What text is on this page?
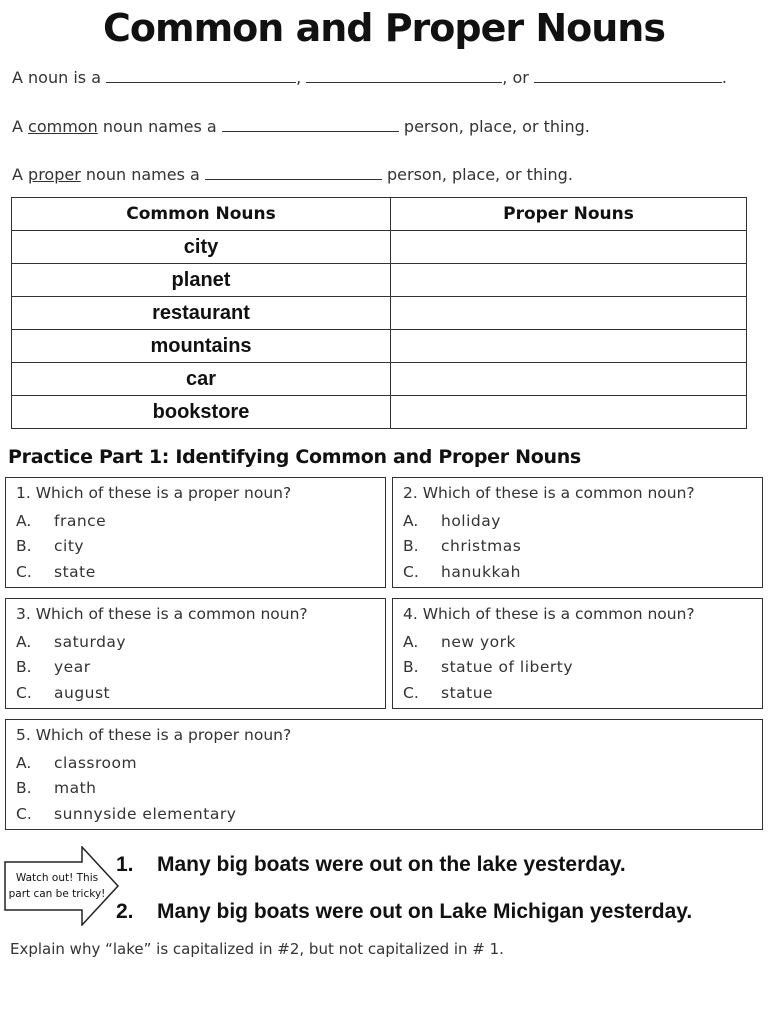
Common and Proper Nouns
A noun is a	,	, or	.
A common noun names a	person, place, or thing.
A proper noun names a	person, place, or thing.
Common Nouns	Proper Nouns
city	
planet	
restaurant	
mountains	
car	
bookstore	
Practice Part 1: Identifying Common and Proper Nouns
1. Which of these is a proper noun?
A.	france
B.	city
C.	state
2. Which of these is a common noun?
A.	holiday
B.	christmas
C.	hanukkah
3. Which of these is a common noun?
A.	saturday
B.	year
C.	august
4. Which of these is a common noun?
A.	new york
B.	statue of liberty
C.	statue
5. Which of these is a proper noun?
A.	classroom
B.	math
C.	sunnyside elementary
Watch out! This
part can be tricky!
1. Many big boats were out on the lake yesterday.
2. Many big boats were out on Lake Michigan yesterday.
Explain why “lake” is capitalized in #2, but not capitalized in # 1.
